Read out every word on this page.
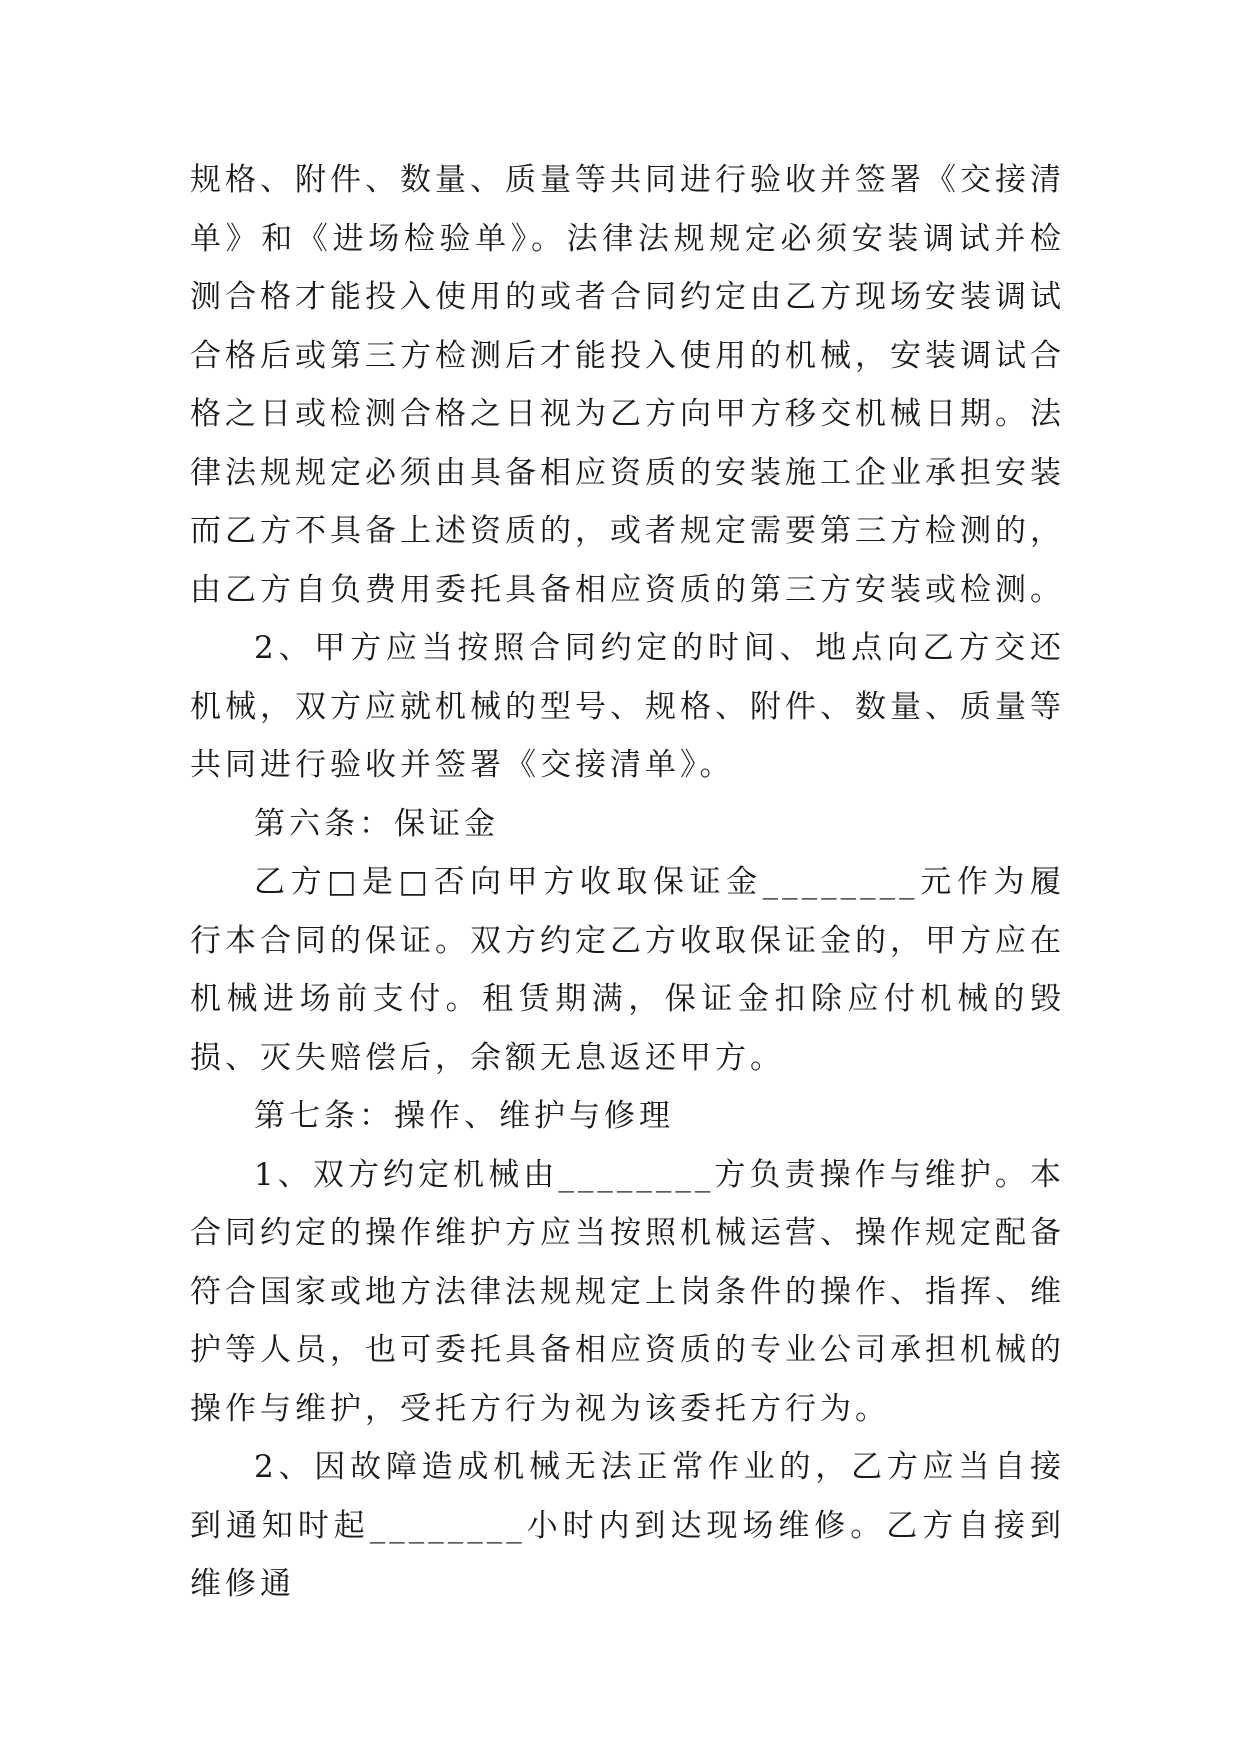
规格、附件、数量、质量等共同进行验收并签署《交接清单》和《进场检验单》。法律法规规定必须安装调试并检测合格才能投入使用的或者合同约定由乙方现场安装调试合格后或第三方检测后才能投入使用的机械，安装调试合格之日或检测合格之日视为乙方向甲方移交机械日期。法律法规规定必须由具备相应资质的安装施工企业承担安装而乙方不具备上述资质的，或者规定需要第三方检测的，由乙方自负费用委托具备相应资质的第三方安装或检测。

2、甲方应当按照合同约定的时间、地点向乙方交还机械，双方应就机械的型号、规格、附件、数量、质量等共同进行验收并签署《交接清单》。

第六条：保证金

乙方□是□否向甲方收取保证金________元作为履行本合同的保证。双方约定乙方收取保证金的，甲方应在机械进场前支付。租赁期满，保证金扣除应付机械的毁损、灭失赔偿后，余额无息返还甲方。

第七条：操作、维护与修理

1、双方约定机械由________方负责操作与维护。本合同约定的操作维护方应当按照机械运营、操作规定配备符合国家或地方法律法规规定上岗条件的操作、指挥、维护等人员，也可委托具备相应资质的专业公司承担机械的操作与维护，受托方行为视为该委托方行为。

2、因故障造成机械无法正常作业的，乙方应当自接到通知时起________小时内到达现场维修。乙方自接到维修通
